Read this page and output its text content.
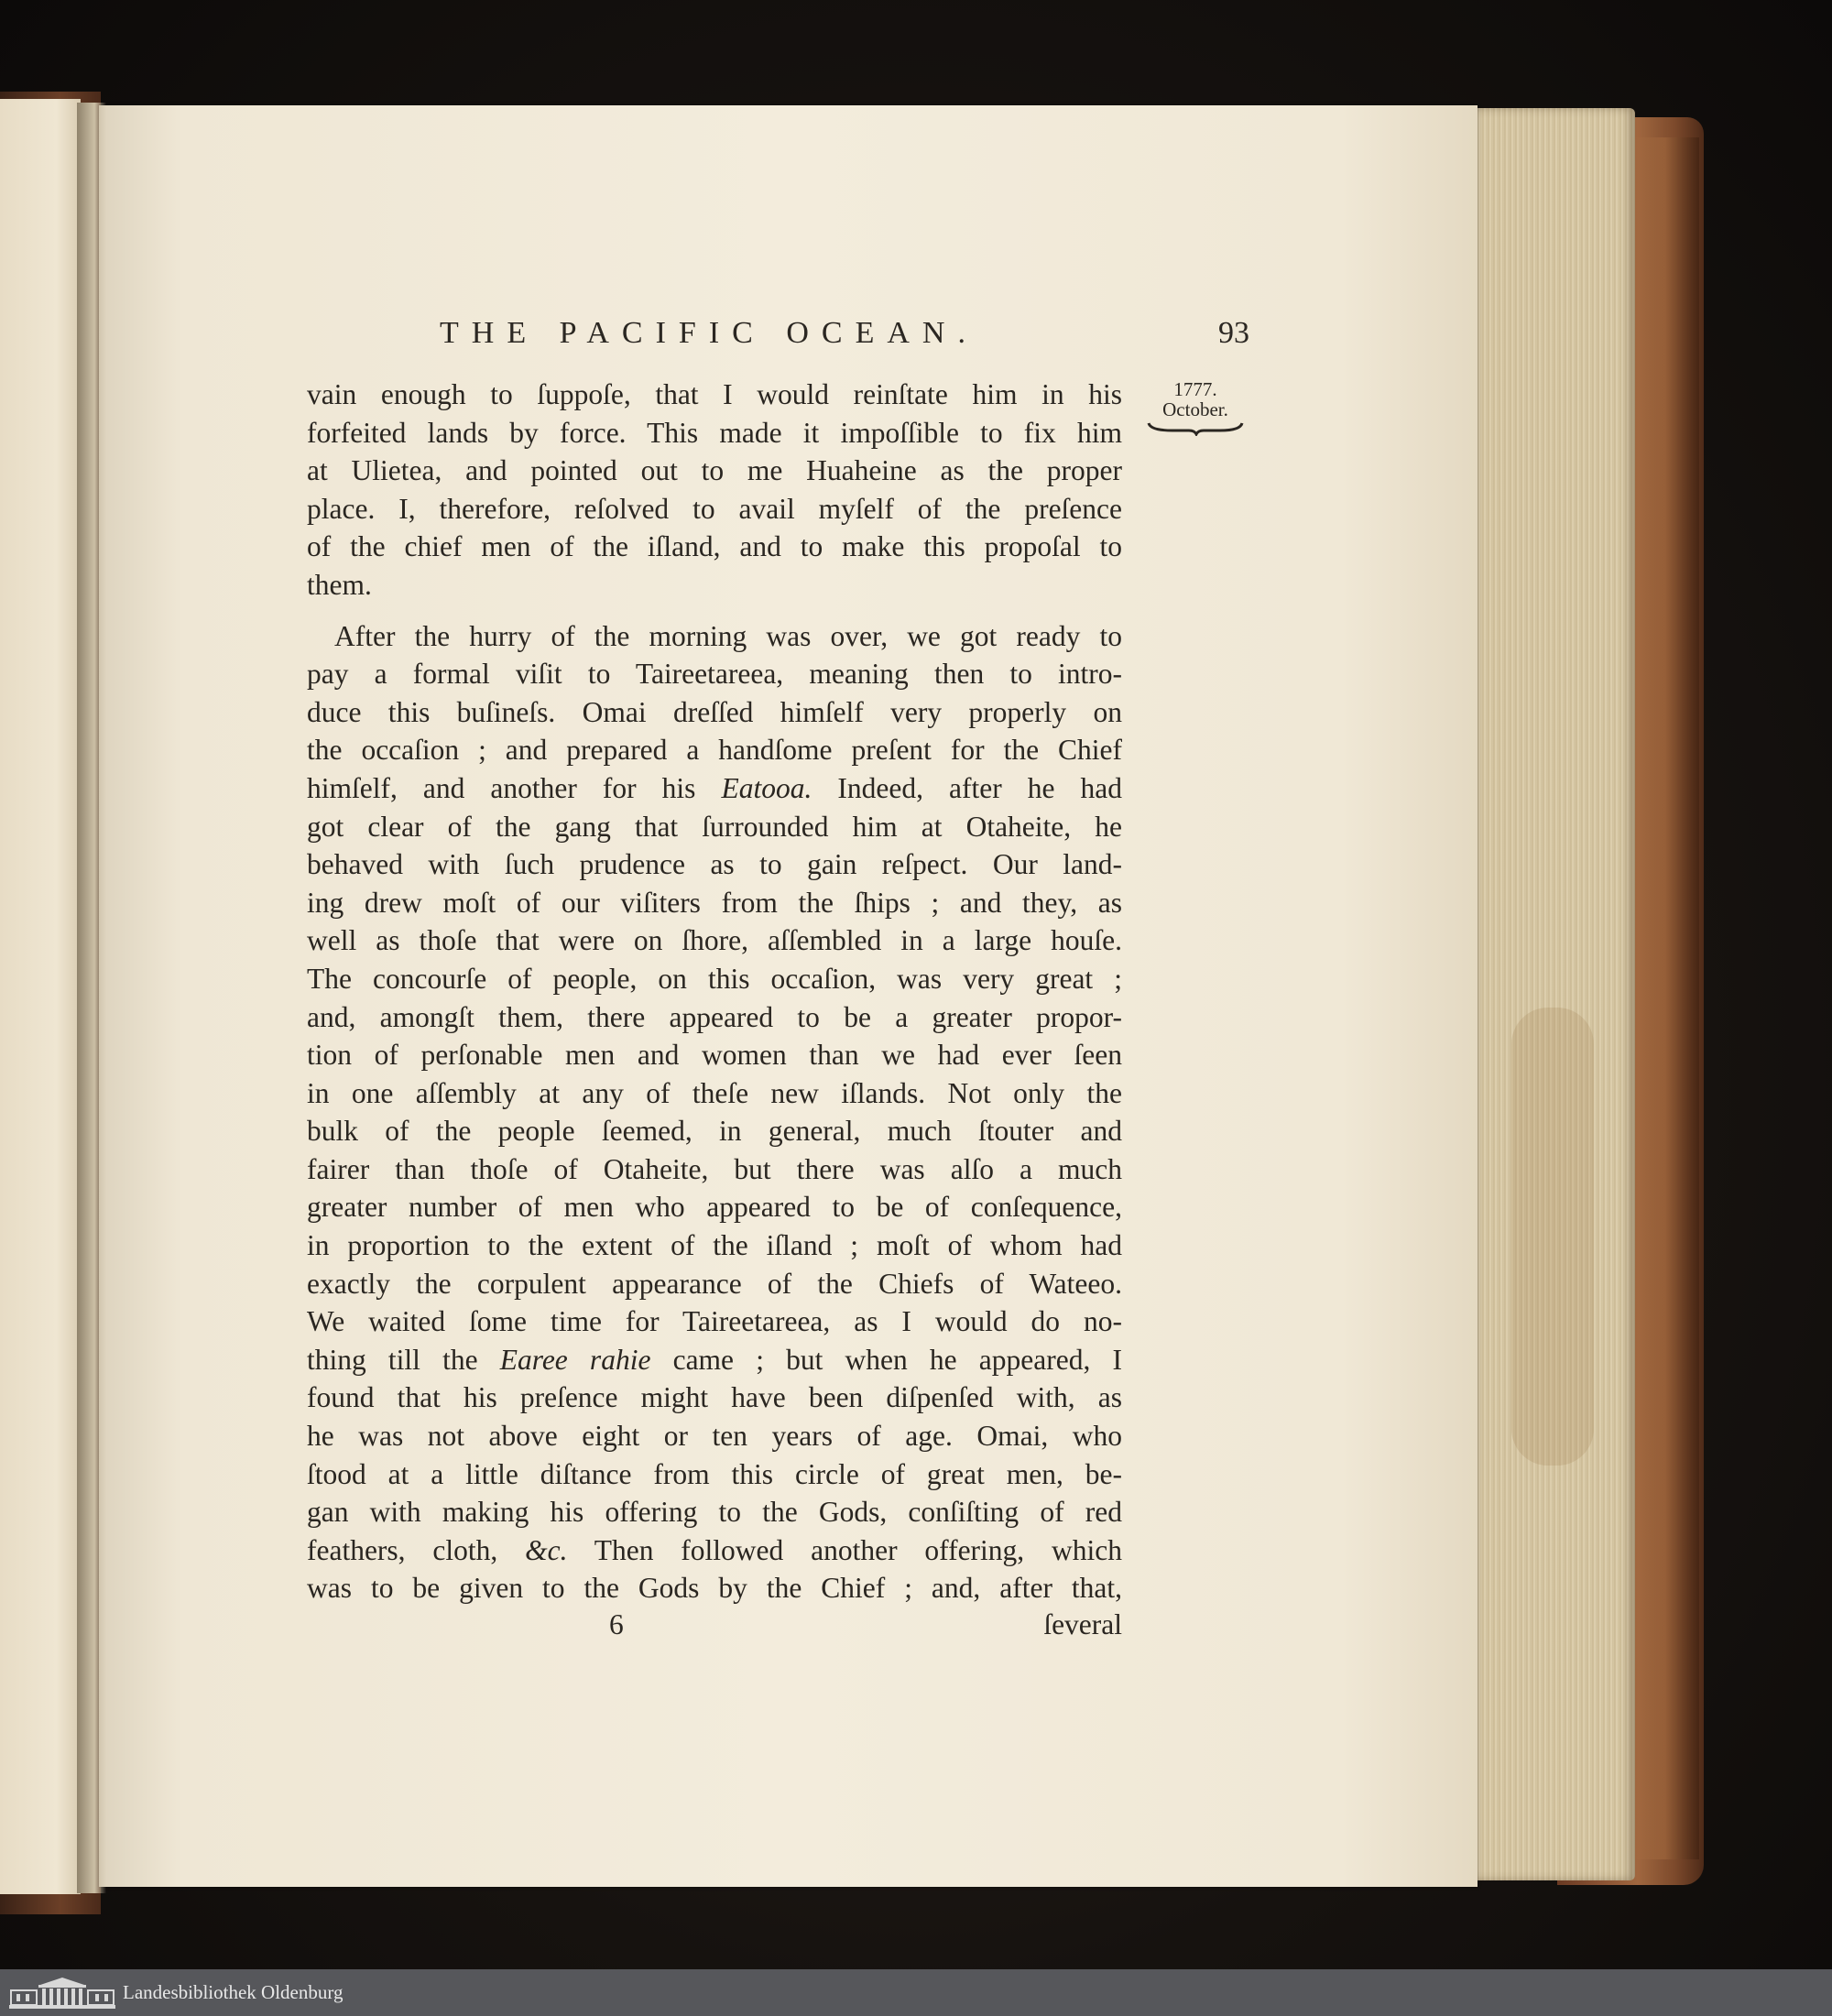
THE PACIFIC OCEAN.	93
1777.
October.
vain enough to ſuppoſe, that I would reinſtate him in his
forfeited lands by force. This made it impoſſible to fix him
at Ulietea, and pointed out to me Huaheine as the proper
place. I, therefore, reſolved to avail myſelf of the preſence
of the chief men of the iſland, and to make this propoſal to
them.
After the hurry of the morning was over, we got ready to
pay a formal viſit to Taireetareea, meaning then to intro-
duce this buſineſs. Omai dreſſed himſelf very properly on
the occaſion ; and prepared a handſome preſent for the Chief
himſelf, and another for his Eatooa. Indeed, after he had
got clear of the gang that ſurrounded him at Otaheite, he
behaved with ſuch prudence as to gain reſpect. Our land-
ing drew moſt of our viſiters from the ſhips ; and they, as
well as thoſe that were on ſhore, aſſembled in a large houſe.
The concourſe of people, on this occaſion, was very great ;
and, amongſt them, there appeared to be a greater propor-
tion of perſonable men and women than we had ever ſeen
in one aſſembly at any of theſe new iſlands. Not only the
bulk of the people ſeemed, in general, much ſtouter and
fairer than thoſe of Otaheite, but there was alſo a much
greater number of men who appeared to be of conſequence,
in proportion to the extent of the iſland ; moſt of whom had
exactly the corpulent appearance of the Chiefs of Wateeo.
We waited ſome time for Taireetareea, as I would do no-
thing till the Earee rahie came ; but when he appeared, I
found that his preſence might have been diſpenſed with, as
he was not above eight or ten years of age. Omai, who
ſtood at a little diſtance from this circle of great men, be-
gan with making his offering to the Gods, conſiſting of red
feathers, cloth, &c. Then followed another offering, which
was to be given to the Gods by the Chief ; and, after that,
6	ſeveral
Landesbibliothek Oldenburg
